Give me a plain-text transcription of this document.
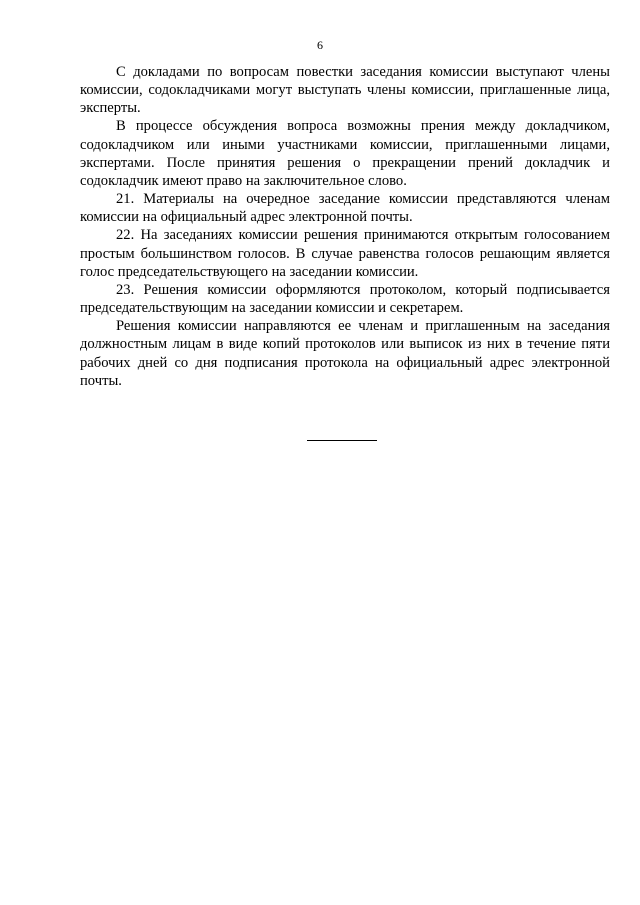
6

С докладами по вопросам повестки заседания комиссии выступают члены комиссии, содокладчиками могут выступать члены комиссии, приглашенные лица, эксперты.

В процессе обсуждения вопроса возможны прения между докладчиком, содокладчиком или иными участниками комиссии, приглашенными лицами, экспертами. После принятия решения о прекращении прений докладчик и содокладчик имеют право на заключительное слово.

21. Материалы на очередное заседание комиссии представляются членам комиссии на официальный адрес электронной почты.

22. На заседаниях комиссии решения принимаются открытым голосованием простым большинством голосов. В случае равенства голосов решающим является голос председательствующего на заседании комиссии.

23. Решения комиссии оформляются протоколом, который подписывается председательствующим на заседании комиссии и секретарем.

Решения комиссии направляются ее членам и приглашенным на заседания должностным лицам в виде копий протоколов или выписок из них в течение пяти рабочих дней со дня подписания протокола на официальный адрес электронной почты.
